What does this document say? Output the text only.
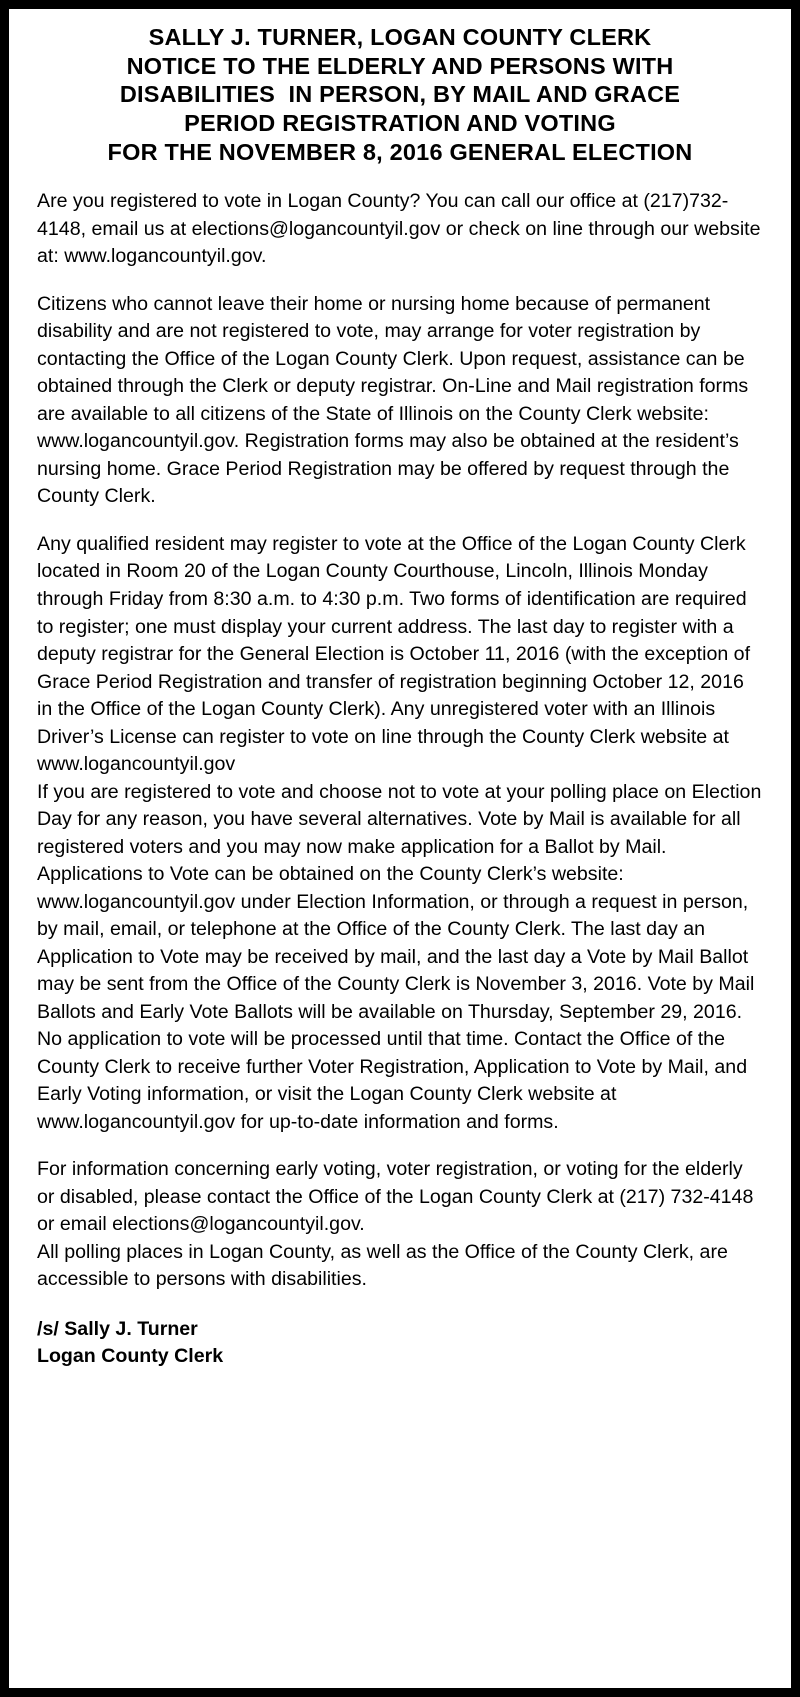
SALLY J. TURNER, LOGAN COUNTY CLERK
NOTICE TO THE ELDERLY AND PERSONS WITH
DISABILITIES  IN PERSON, BY MAIL AND GRACE
PERIOD REGISTRATION AND VOTING
FOR THE NOVEMBER 8, 2016 GENERAL ELECTION

Are you registered to vote in Logan County? You can call our office at (217)732-4148, email us at elections@logancountyil.gov or check on line through our website at: www.logancountyil.gov.

Citizens who cannot leave their home or nursing home because of permanent disability and are not registered to vote, may arrange for voter registration by contacting the Office of the Logan County Clerk. Upon request, assistance can be obtained through the Clerk or deputy registrar. On-Line and Mail registration forms are available to all citizens of the State of Illinois on the County Clerk website: www.logancountyil.gov. Registration forms may also be obtained at the resident’s nursing home. Grace Period Registration may be offered by request through the County Clerk.

Any qualified resident may register to vote at the Office of the Logan County Clerk located in Room 20 of the Logan County Courthouse, Lincoln, Illinois Monday through Friday from 8:30 a.m. to 4:30 p.m. Two forms of identification are required to register; one must display your current address. The last day to register with a deputy registrar for the General Election is October 11, 2016 (with the exception of Grace Period Registration and transfer of registration beginning October 12, 2016 in the Office of the Logan County Clerk). Any unregistered voter with an Illinois Driver’s License can register to vote on line through the County Clerk website at www.logancountyil.gov

If you are registered to vote and choose not to vote at your polling place on Election Day for any reason, you have several alternatives. Vote by Mail is available for all registered voters and you may now make application for a Ballot by Mail. Applications to Vote can be obtained on the County Clerk’s website: www.logancountyil.gov under Election Information, or through a request in person, by mail, email, or telephone at the Office of the County Clerk. The last day an Application to Vote may be received by mail, and the last day a Vote by Mail Ballot may be sent from the Office of the County Clerk is November 3, 2016. Vote by Mail Ballots and Early Vote Ballots will be available on Thursday, September 29, 2016. No application to vote will be processed until that time. Contact the Office of the County Clerk to receive further Voter Registration, Application to Vote by Mail, and Early Voting information, or visit the Logan County Clerk website at www.logancountyil.gov for up-to-date information and forms.

For information concerning early voting, voter registration, or voting for the elderly or disabled, please contact the Office of the Logan County Clerk at (217) 732-4148 or email elections@logancountyil.gov.

All polling places in Logan County, as well as the Office of the County Clerk, are accessible to persons with disabilities.

/s/ Sally J. Turner
Logan County Clerk
